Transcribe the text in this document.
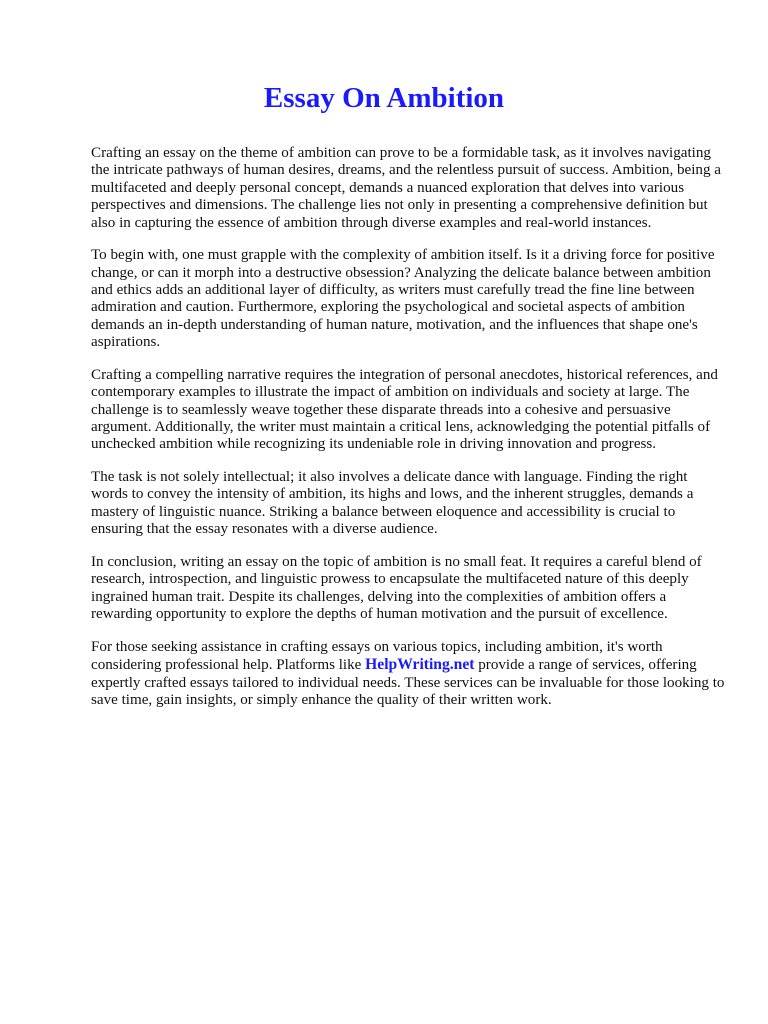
Essay On Ambition

Crafting an essay on the theme of ambition can prove to be a formidable task, as it involves navigating the intricate pathways of human desires, dreams, and the relentless pursuit of success. Ambition, being a multifaceted and deeply personal concept, demands a nuanced exploration that delves into various perspectives and dimensions. The challenge lies not only in presenting a comprehensive definition but also in capturing the essence of ambition through diverse examples and real-world instances.

To begin with, one must grapple with the complexity of ambition itself. Is it a driving force for positive change, or can it morph into a destructive obsession? Analyzing the delicate balance between ambition and ethics adds an additional layer of difficulty, as writers must carefully tread the fine line between admiration and caution. Furthermore, exploring the psychological and societal aspects of ambition demands an in-depth understanding of human nature, motivation, and the influences that shape one's aspirations.

Crafting a compelling narrative requires the integration of personal anecdotes, historical references, and contemporary examples to illustrate the impact of ambition on individuals and society at large. The challenge is to seamlessly weave together these disparate threads into a cohesive and persuasive argument. Additionally, the writer must maintain a critical lens, acknowledging the potential pitfalls of unchecked ambition while recognizing its undeniable role in driving innovation and progress.

The task is not solely intellectual; it also involves a delicate dance with language. Finding the right words to convey the intensity of ambition, its highs and lows, and the inherent struggles, demands a mastery of linguistic nuance. Striking a balance between eloquence and accessibility is crucial to ensuring that the essay resonates with a diverse audience.

In conclusion, writing an essay on the topic of ambition is no small feat. It requires a careful blend of research, introspection, and linguistic prowess to encapsulate the multifaceted nature of this deeply ingrained human trait. Despite its challenges, delving into the complexities of ambition offers a rewarding opportunity to explore the depths of human motivation and the pursuit of excellence.

For those seeking assistance in crafting essays on various topics, including ambition, it's worth considering professional help. Platforms like HelpWriting.net provide a range of services, offering expertly crafted essays tailored to individual needs. These services can be invaluable for those looking to save time, gain insights, or simply enhance the quality of their written work.
